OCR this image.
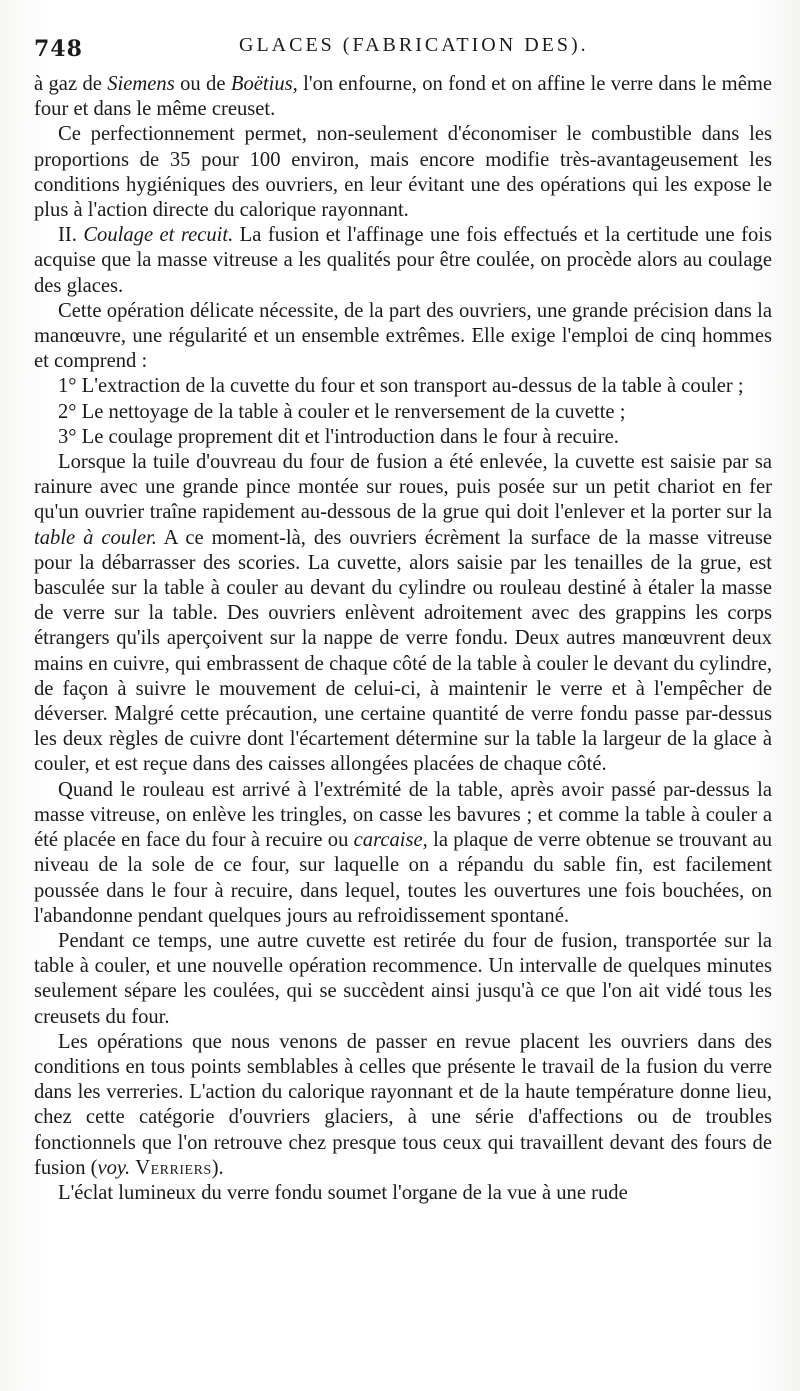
748	GLACES (FABRICATION DES).

à gaz de Siemens ou de Boëtius, l'on enfourne, on fond et on affine le verre dans le même four et dans le même creuset.

Ce perfectionnement permet, non-seulement d'économiser le combustible dans les proportions de 35 pour 100 environ, mais encore modifie très-avantageusement les conditions hygiéniques des ouvriers, en leur évitant une des opérations qui les expose le plus à l'action directe du calorique rayonnant.

II. Coulage et recuit. La fusion et l'affinage une fois effectués et la certitude une fois acquise que la masse vitreuse a les qualités pour être coulée, on procède alors au coulage des glaces.

Cette opération délicate nécessite, de la part des ouvriers, une grande précision dans la manœuvre, une régularité et un ensemble extrêmes. Elle exige l'emploi de cinq hommes et comprend :

1° L'extraction de la cuvette du four et son transport au-dessus de la table à couler ;

2° Le nettoyage de la table à couler et le renversement de la cuvette ;

3° Le coulage proprement dit et l'introduction dans le four à recuire.

Lorsque la tuile d'ouvreau du four de fusion a été enlevée, la cuvette est saisie par sa rainure avec une grande pince montée sur roues, puis posée sur un petit chariot en fer qu'un ouvrier traîne rapidement au-dessous de la grue qui doit l'enlever et la porter sur la table à couler. A ce moment-là, des ouvriers écrèment la surface de la masse vitreuse pour la débarrasser des scories. La cuvette, alors saisie par les tenailles de la grue, est basculée sur la table à couler au devant du cylindre ou rouleau destiné à étaler la masse de verre sur la table. Des ouvriers enlèvent adroitement avec des grappins les corps étrangers qu'ils aperçoivent sur la nappe de verre fondu. Deux autres manœuvrent deux mains en cuivre, qui embrassent de chaque côté de la table à couler le devant du cylindre, de façon à suivre le mouvement de celui-ci, à maintenir le verre et à l'empêcher de déverser. Malgré cette précaution, une certaine quantité de verre fondu passe par-dessus les deux règles de cuivre dont l'écartement détermine sur la table la largeur de la glace à couler, et est reçue dans des caisses allongées placées de chaque côté.

Quand le rouleau est arrivé à l'extrémité de la table, après avoir passé par-dessus la masse vitreuse, on enlève les tringles, on casse les bavures ; et comme la table à couler a été placée en face du four à recuire ou carcaise, la plaque de verre obtenue se trouvant au niveau de la sole de ce four, sur laquelle on a répandu du sable fin, est facilement poussée dans le four à recuire, dans lequel, toutes les ouvertures une fois bouchées, on l'abandonne pendant quelques jours au refroidissement spontané.

Pendant ce temps, une autre cuvette est retirée du four de fusion, transportée sur la table à couler, et une nouvelle opération recommence. Un intervalle de quelques minutes seulement sépare les coulées, qui se succèdent ainsi jusqu'à ce que l'on ait vidé tous les creusets du four.

Les opérations que nous venons de passer en revue placent les ouvriers dans des conditions en tous points semblables à celles que présente le travail de la fusion du verre dans les verreries. L'action du calorique rayonnant et de la haute température donne lieu, chez cette catégorie d'ouvriers glaciers, à une série d'affections ou de troubles fonctionnels que l'on retrouve chez presque tous ceux qui travaillent devant des fours de fusion (voy. Verriers).

L'éclat lumineux du verre fondu soumet l'organe de la vue à une rude
